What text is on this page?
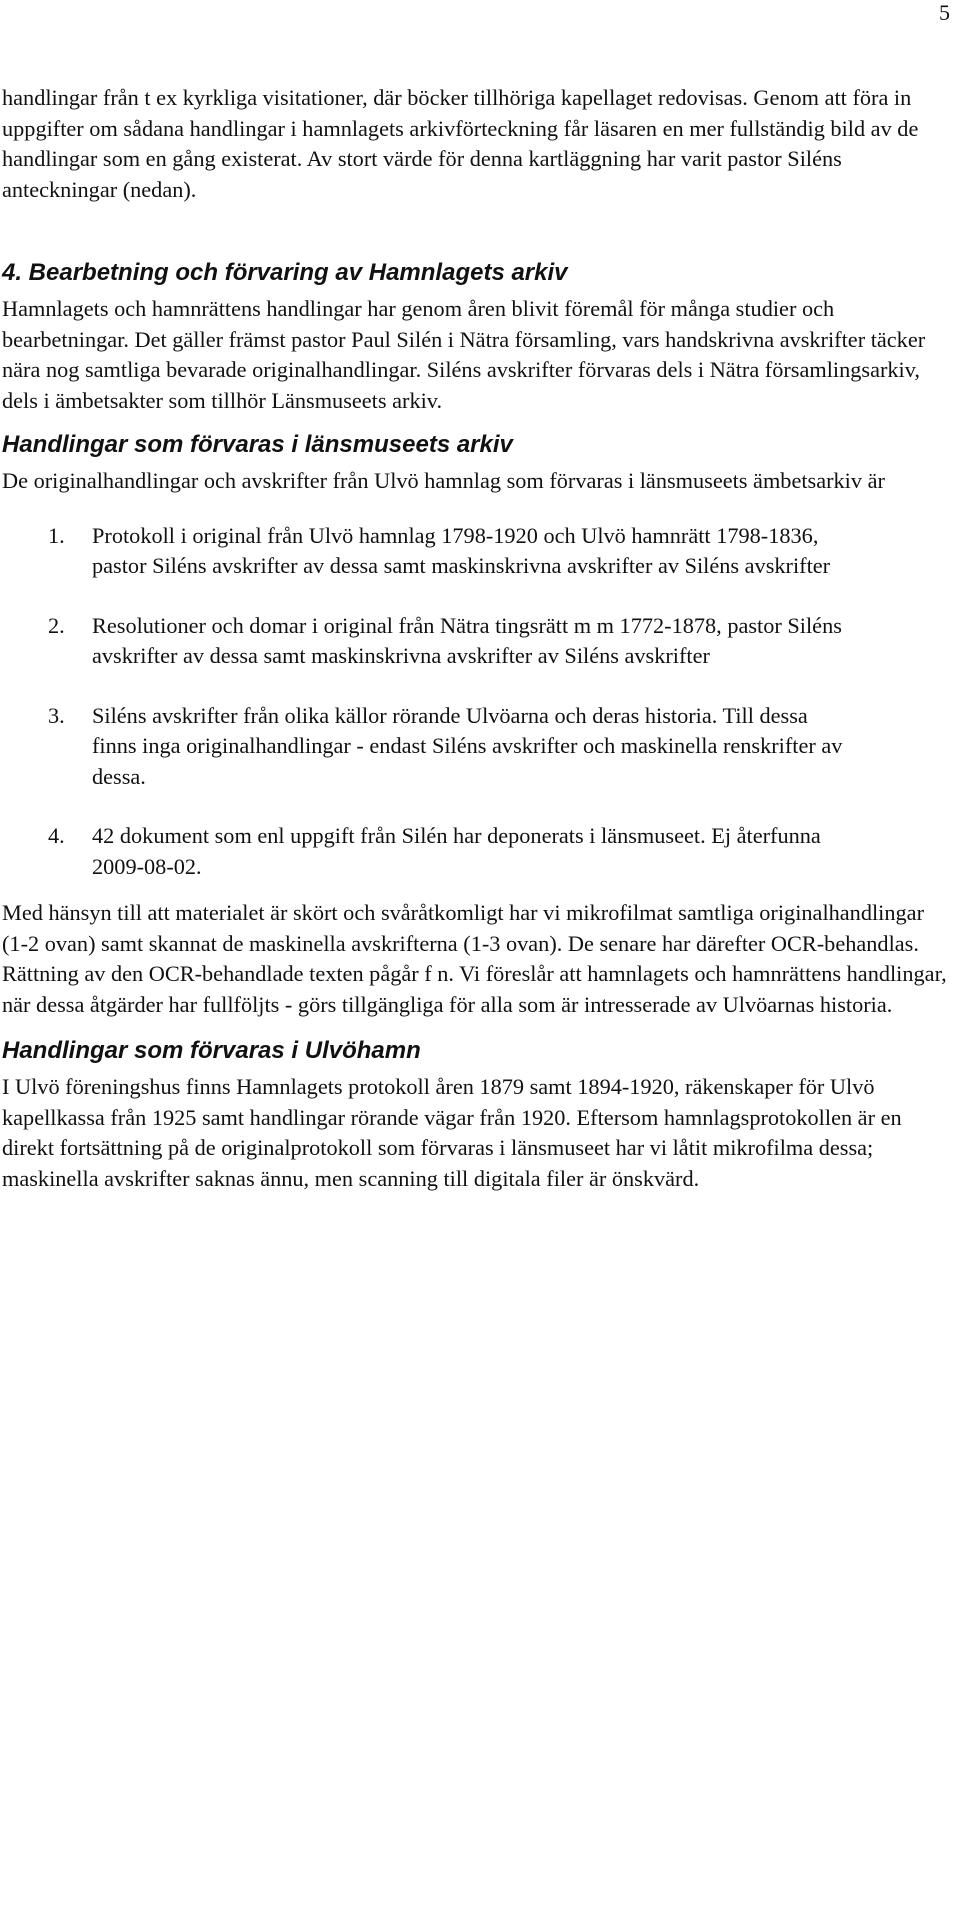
5

handlingar från t ex kyrkliga visitationer, där böcker tillhöriga kapellaget redovisas. Genom att föra in uppgifter om sådana handlingar i hamnlagets arkivförteckning får läsaren en mer fullständig bild av de handlingar som en gång existerat. Av stort värde för denna kartläggning har varit pastor Siléns anteckningar (nedan).

4. Bearbetning och förvaring av Hamnlagets arkiv

Hamnlagets och hamnrättens handlingar har genom åren blivit föremål för många studier och bearbetningar. Det gäller främst pastor Paul Silén i Nätra församling, vars handskrivna avskrifter täcker nära nog samtliga bevarade originalhandlingar. Siléns avskrifter förvaras dels i Nätra församlingsarkiv, dels i ämbetsakter som tillhör Länsmuseets arkiv.

Handlingar som förvaras i länsmuseets arkiv

De originalhandlingar och avskrifter från Ulvö hamnlag som förvaras i länsmuseets ämbetsarkiv är

1.	Protokoll i original från Ulvö hamnlag 1798-1920 och Ulvö hamnrätt 1798-1836, pastor Siléns avskrifter av dessa samt maskinskrivna avskrifter av Siléns avskrifter
2.	Resolutioner och domar i original från Nätra tingsrätt m m 1772-1878, pastor Siléns avskrifter av dessa samt maskinskrivna avskrifter av Siléns avskrifter
3.	Siléns avskrifter från olika källor rörande Ulvöarna och deras historia. Till dessa finns inga originalhandlingar - endast Siléns avskrifter och maskinella renskrifter av dessa.
4.	42 dokument som enl uppgift från Silén har deponerats i länsmuseet. Ej återfunna 2009-08-02.

Med hänsyn till att materialet är skört och svåråtkomligt har vi mikrofilmat samtliga originalhandlingar (1-2 ovan) samt skannat de maskinella avskrifterna (1-3 ovan). De senare har därefter OCR-behandlas. Rättning av den OCR-behandlade texten pågår f n. Vi föreslår att hamnlagets och hamnrättens handlingar, när dessa åtgärder har fullföljts - görs tillgängliga för alla som är intresserade av Ulvöarnas historia.

Handlingar som förvaras i Ulvöhamn

I Ulvö föreningshus finns Hamnlagets protokoll åren 1879 samt 1894-1920, räkenskaper för Ulvö kapellkassa från 1925 samt handlingar rörande vägar från 1920. Eftersom hamnlagsprotokollen är en direkt fortsättning på de originalprotokoll som förvaras i länsmuseet har vi låtit mikrofilma dessa; maskinella avskrifter saknas ännu, men scanning till digitala filer är önskvärd.
